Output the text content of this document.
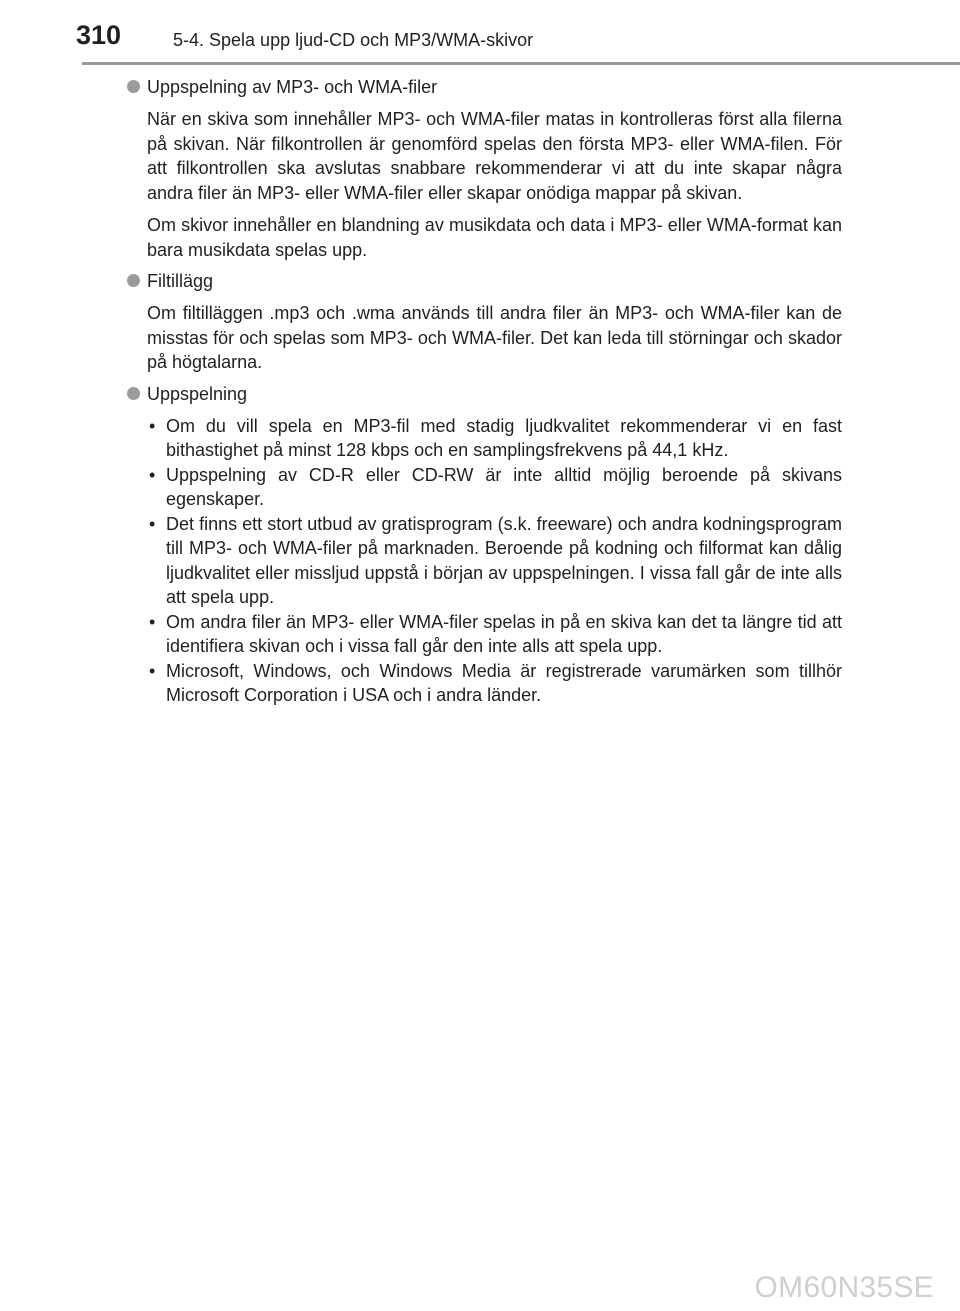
310	5-4. Spela upp ljud-CD och MP3/WMA-skivor
Uppspelning av MP3- och WMA-filer

När en skiva som innehåller MP3- och WMA-filer matas in kontrolleras först alla filerna på skivan. När filkontrollen är genomförd spelas den första MP3- eller WMA-filen. För att filkontrollen ska avslutas snabbare rekommenderar vi att du inte skapar några andra filer än MP3- eller WMA-filer eller skapar onödiga mappar på skivan.

Om skivor innehåller en blandning av musikdata och data i MP3- eller WMA-format kan bara musikdata spelas upp.

Filtillägg

Om filtilläggen .mp3 och .wma används till andra filer än MP3- och WMA-filer kan de misstas för och spelas som MP3- och WMA-filer. Det kan leda till störningar och skador på högtalarna.

Uppspelning
• Om du vill spela en MP3-fil med stadig ljudkvalitet rekommenderar vi en fast bithastighet på minst 128 kbps och en samplingsfrekvens på 44,1 kHz.
• Uppspelning av CD-R eller CD-RW är inte alltid möjlig beroende på skivans egenskaper.
• Det finns ett stort utbud av gratisprogram (s.k. freeware) och andra kodningsprogram till MP3- och WMA-filer på marknaden. Beroende på kodning och filformat kan dålig ljudkvalitet eller missljud uppstå i början av uppspelningen. I vissa fall går de inte alls att spela upp.
• Om andra filer än MP3- eller WMA-filer spelas in på en skiva kan det ta längre tid att identifiera skivan och i vissa fall går den inte alls att spela upp.
• Microsoft, Windows, och Windows Media är registrerade varumärken som tillhör Microsoft Corporation i USA och i andra länder.
OM60N35SE
